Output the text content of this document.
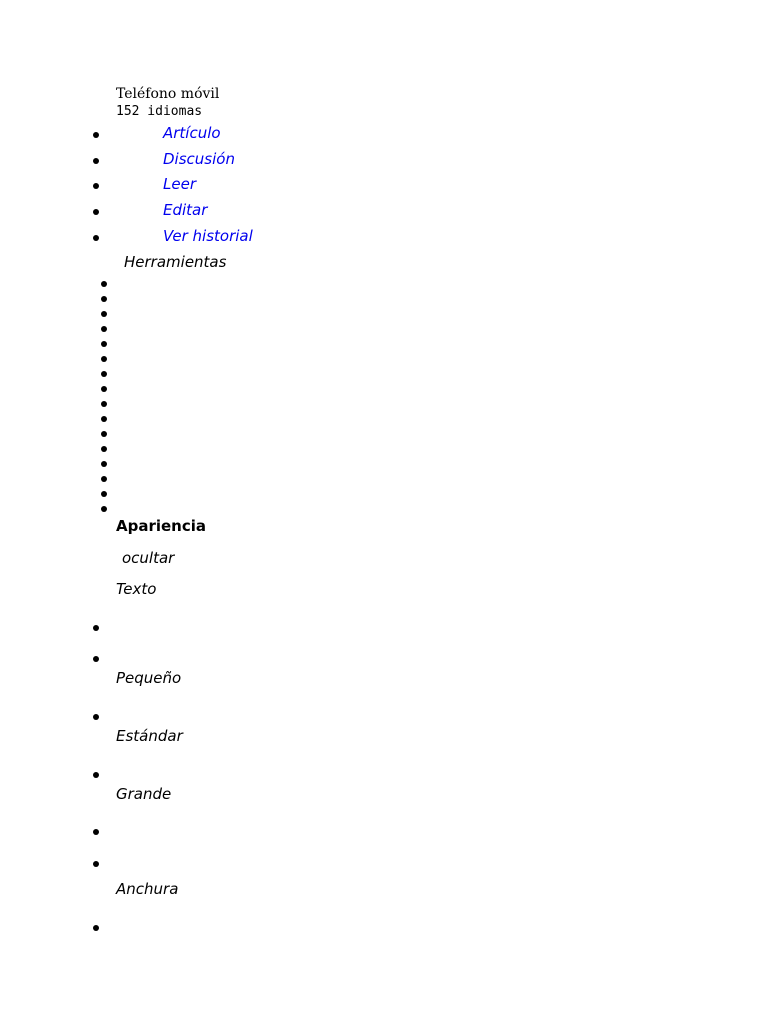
Teléfono móvil
152 idiomas
Artículo
Discusión
Leer
Editar
Ver historial
Herramientas
Apariencia
ocultar
Texto
Pequeño
Estándar
Grande
Anchura
